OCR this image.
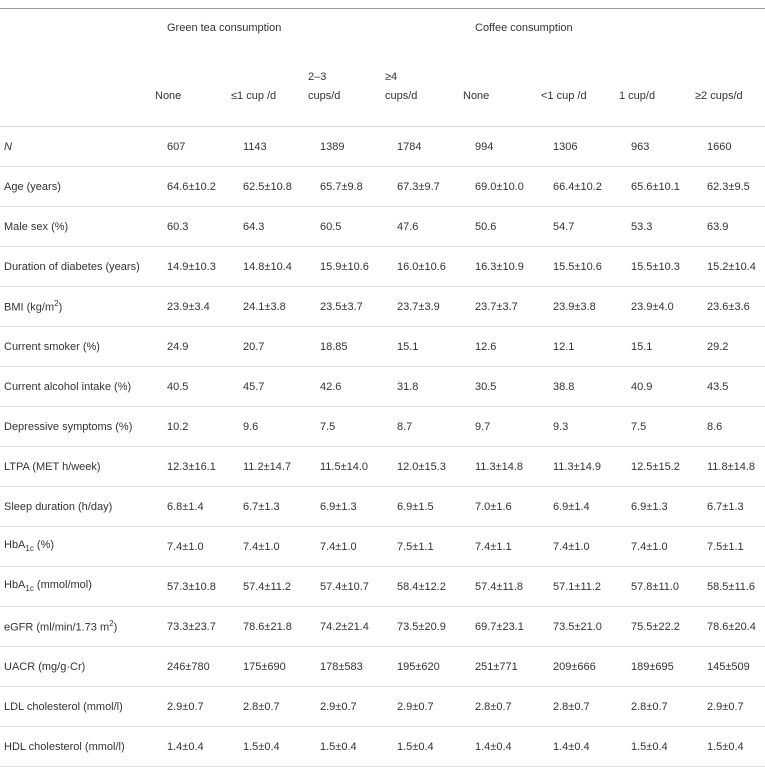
	Green tea consumption				Coffee consumption			

	None	≤1 cup /d	2–3
cups/d	≥4
cups/d	None	<1 cup /d	1 cup/d	≥2 cups/d

N	607	1143	1389	1784	994	1306	963	1660
Age (years)	64.6±10.2	62.5±10.8	65.7±9.8	67.3±9.7	69.0±10.0	66.4±10.2	65.6±10.1	62.3±9.5
Male sex (%)	60.3	64.3	60.5	47.6	50.6	54.7	53.3	63.9
Duration of diabetes (years)	14.9±10.3	14.8±10.4	15.9±10.6	16.0±10.6	16.3±10.9	15.5±10.6	15.5±10.3	15.2±10.4
BMI $(kg/m^2)$	23.9±3.4	24.1±3.8	23.5±3.7	23.7±3.9	23.7±3.7	23.9±3.8	23.9±4.0	23.6±3.6
Current smoker (%)	24.9	20.7	18.85	15.1	12.6	12.1	15.1	29.2
Current alcohol intake (%)	40.5	45.7	42.6	31.8	30.5	38.8	40.9	43.5
Depressive symptoms (%)	10.2	9.6	7.5	8.7	9.7	9.3	7.5	8.6
LTPA (MET h/week)	12.3±16.1	11.2±14.7	11.5±14.0	12.0±15.3	11.3±14.8	11.3±14.9	12.5±15.2	11.8±14.8
Sleep duration (h/day)	6.8±1.4	6.7±1.3	6.9±1.3	6.9±1.5	7.0±1.6	6.9±1.4	6.9±1.3	6.7±1.3
HbA$_{1c}$ (%)	7.4±1.0	7.4±1.0	7.4±1.0	7.5±1.1	7.4±1.1	7.4±1.0	7.4±1.0	7.5±1.1
HbA$_{1c}$ (mmol/mol)	57.3±10.8	57.4±11.2	57.4±10.7	58.4±12.2	57.4±11.8	57.1±11.2	57.8±11.0	58.5±11.6
eGFR (ml/min/1.73 $m^2$)	73.3±23.7	78.6±21.8	74.2±21.4	73.5±20.9	69.7±23.1	73.5±21.0	75.5±22.2	78.6±20.4
UACR (mg/g·Cr)	246±780	175±690	178±583	195±620	251±771	209±666	189±695	145±509
LDL cholesterol (mmol/l)	2.9±0.7	2.8±0.7	2.9±0.7	2.9±0.7	2.8±0.7	2.8±0.7	2.8±0.7	2.9±0.7
HDL cholesterol (mmol/l)	1.4±0.4	1.5±0.4	1.5±0.4	1.5±0.4	1.4±0.4	1.4±0.4	1.5±0.4	1.5±0.4
